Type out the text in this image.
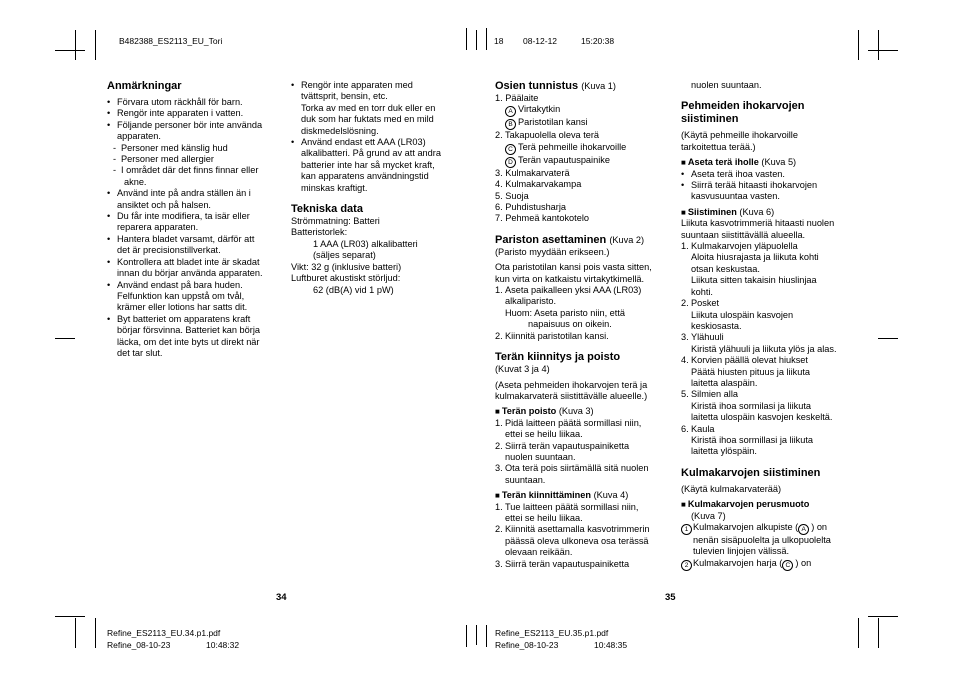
B482388_ES2113_EU_Tori	18 08-12-12	15:20:38
Refine_ES2113_EU.34.p1.pdf
Refine_08-10-23	10:48:32
Refine_ES2113_EU.35.p1.pdf
Refine_08-10-23	10:48:35
34	35
Anmärkningar
• Förvara utom räckhåll för barn.
• Rengör inte apparaten i vatten.
• Följande personer bör inte använda
apparaten.
- Personer med känslig hud
- Personer med allergier
- I området där det finns finnar eller
akne.
• Använd inte på andra ställen än i
ansiktet och på halsen.
• Du får inte modifiera, ta isär eller
reparera apparaten.
• Hantera bladet varsamt, därför att
det är precisionstillverkat.
• Kontrollera att bladet inte är skadat
innan du börjar använda apparaten.
• Använd endast på bara huden.
Felfunktion kan uppstå om tvål,
krämer eller lotions har satts dit.
• Byt batteriet om apparatens kraft
börjar försvinna. Batteriet kan börja
läcka, om det inte byts ut direkt när
det tar slut.
• Rengör inte apparaten med
tvättsprit, bensin, etc.
Torka av med en torr duk eller en
duk som har fuktats med en mild
diskmedelslösning.
• Använd endast ett AAA (LR03)
alkalibatteri. På grund av att andra
batterier inte har så mycket kraft,
kan apparatens användningstid
minskas kraftigt.
Tekniska data

Strömmatning: Batteri

Batteristorlek:

1 AAA (LR03) alkalibatteri

(säljes separat)

Vikt: 32 g (inklusive batteri)

Luftburet akustiskt störljud:

62 (dB(A) vid 1 pW)

Osien tunnistus (Kuva 1)

1. Päälaite

A Virtakytkin

B Paristotilan kansi

2. Takapuolella oleva terä

C Terä pehmeille ihokarvoille

D Terän vapautuspainike

3. Kulmakarvaterä

4. Kulmakarvakampa

5. Suoja

6. Puhdistusharja

7. Pehmeä kantokotelo

Pariston asettaminen (Kuva 2)

(Paristo myydään erikseen.)

Ota paristotilan kansi pois vasta sitten,

kun virta on katkaistu virtakytkimellä.

1. Aseta paikalleen yksi AAA (LR03)
alkaliparisto.

Huom: Aseta paristo niin, että

napaisuus on oikein.

2. Kiinnitä paristotilan kansi.
Terän kiinnitys ja poisto

(Kuvat 3 ja 4)

(Aseta pehmeiden ihokarvojen terä ja

kulmakarvaterä siistittävälle alueelle.)

■ Terän poisto (Kuva 3)

1. Pidä laitteen päätä sormillasi niin,
ettei se heilu liikaa.
2. Siirrä terän vapautuspainiketta
nuolen suuntaan.
3. Ota terä pois siirtämällä sitä nuolen
suuntaan.

■ Terän kiinnittäminen (Kuva 4)

1. Tue laitteen päätä sormillasi niin,
ettei se heilu liikaa.
2. Kiinnitä asettamalla kasvotrimmerin
päässä oleva ulkoneva osa terässä
olevaan reikään.
3. Siirrä terän vapautuspainiketta

nuolen suuntaan.

Pehmeiden ihokarvojen
siistiminen

(Käytä pehmeille ihokarvoille

tarkoitettua terää.)

■ Aseta terä iholle (Kuva 5)

• Aseta terä ihoa vasten.
• Siirrä terää hitaasti ihokarvojen
kasvusuuntaa vasten.

■ Siistiminen (Kuva 6)

Liikuta kasvotrimmeriä hitaasti nuolen

suuntaan siistittävällä alueella.

1. Kulmakarvojen yläpuolella
Aloita hiusrajasta ja liikuta kohti
otsan keskustaa.
Liikuta sitten takaisin hiuslinjaa
kohti.
2. Posket
Liikuta ulospäin kasvojen
keskiosasta.
3. Ylähuuli
Kiristä ylähuuli ja liikuta ylös ja alas.
4. Korvien päällä olevat hiukset
Päätä hiusten pituus ja liikuta
laitetta alaspäin.
5. Silmien alla
Kiristä ihoa sormilasi ja liikuta
laitetta ulospäin kasvojen keskeltä.
6. Kaula
Kiristä ihoa sormillasi ja liikuta
laitetta ylöspäin.
Kulmakarvojen siistiminen

(Käytä kulmakarvaterää)

■ Kulmakarvojen perusmuoto

(Kuva 7)

1 Kulmakarvojen alkupiste ( A ) on
nenän sisäpuolelta ja ulkopuolelta
tulevien linjojen välissä.
2 Kulmakarvojen harja ( C ) on
